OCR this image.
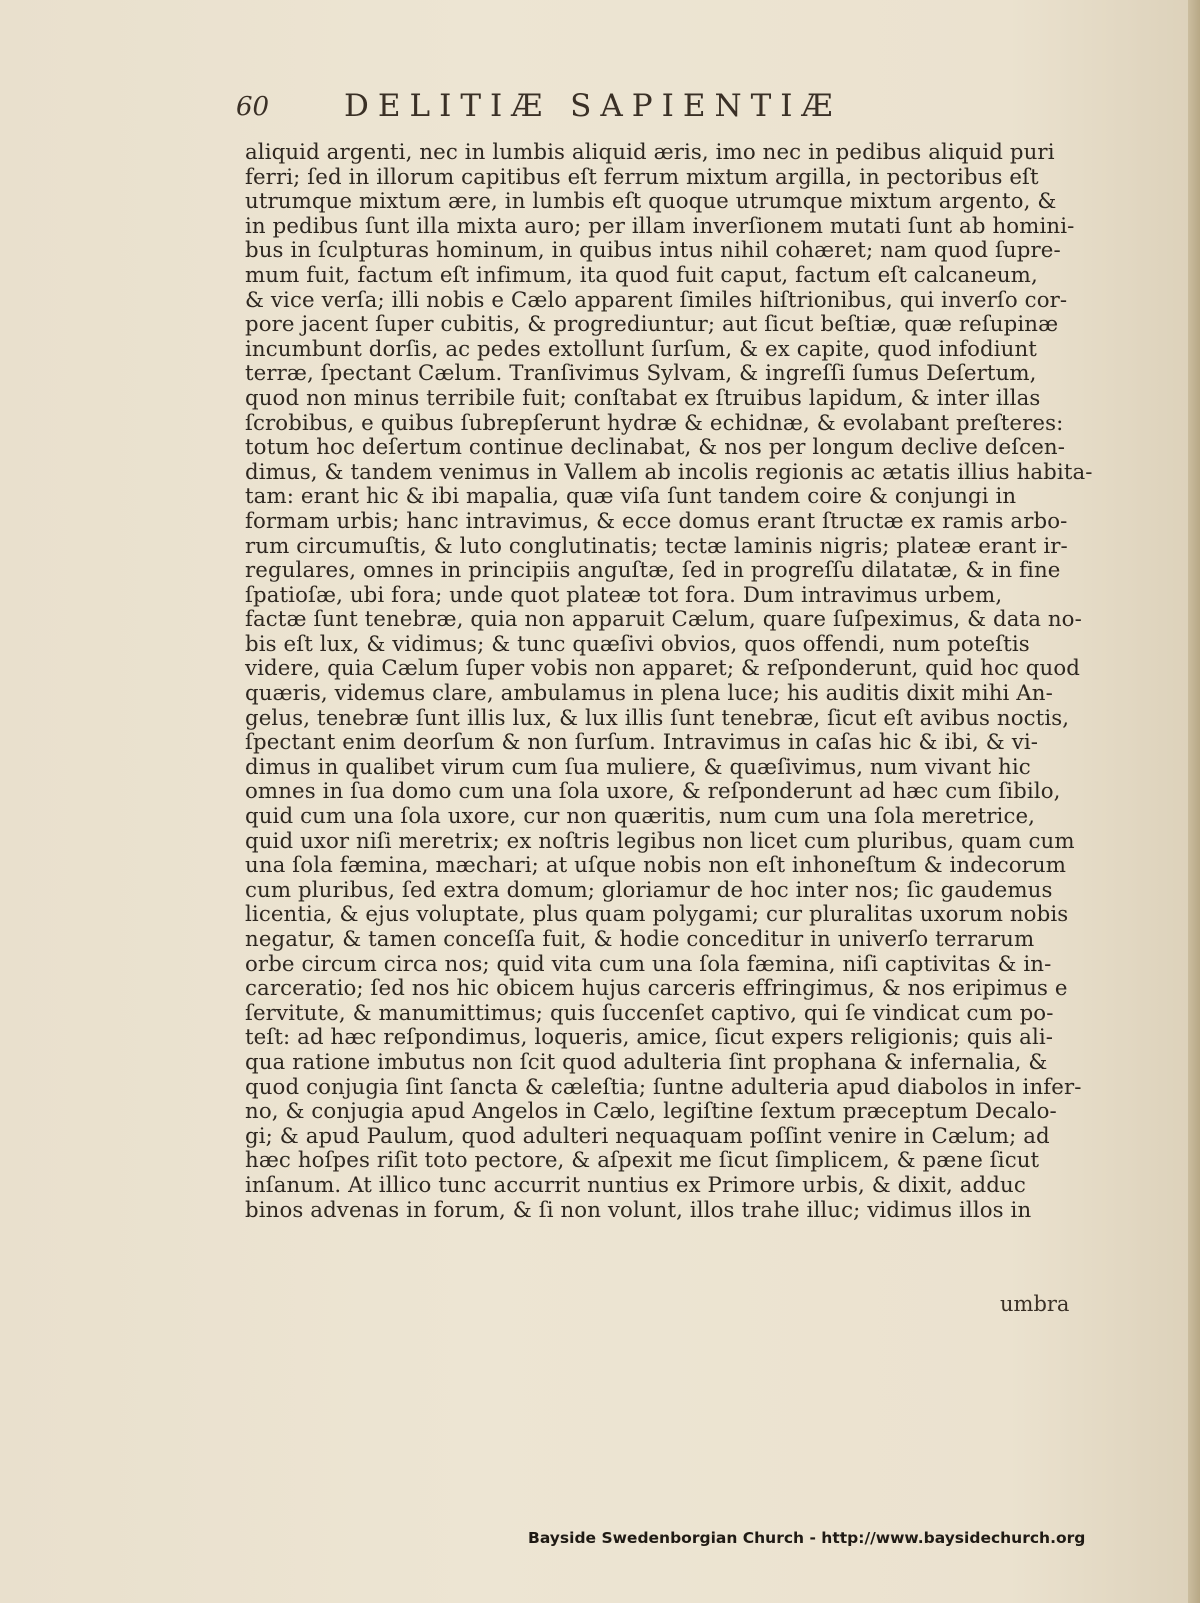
60 DELITIÆ SAPIENTIÆ
aliquid argenti, nec in lumbis aliquid æris, imo nec in pedibus aliquid puri
ferri; ſed in illorum capitibus eſt ferrum mixtum argilla, in pectoribus eſt
utrumque mixtum ære, in lumbis eſt quoque utrumque mixtum argento, &
in pedibus ſunt illa mixta auro; per illam inverſionem mutati ſunt ab homini-
bus in ſculpturas hominum, in quibus intus nihil cohæret; nam quod ſupre-
mum fuit, factum eſt infimum, ita quod fuit caput, factum eſt calcaneum,
& vice verſa; illi nobis e Cælo apparent ſimiles hiſtrionibus, qui inverſo cor-
pore jacent ſuper cubitis, & progrediuntur; aut ſicut beſtiæ, quæ reſupinæ
incumbunt dorſis, ac pedes extollunt ſurſum, & ex capite, quod infodiunt
terræ, ſpectant Cælum. Tranſivimus Sylvam, & ingreſſi ſumus Deſertum,
quod non minus terribile fuit; conſtabat ex ſtruibus lapidum, & inter illas
ſcrobibus, e quibus ſubrepſerunt hydræ & echidnæ, & evolabant preſteres:
totum hoc deſertum continue declinabat, & nos per longum declive deſcen-
dimus, & tandem venimus in Vallem ab incolis regionis ac ætatis illius habita-
tam: erant hic & ibi mapalia, quæ viſa ſunt tandem coire & conjungi in
formam urbis; hanc intravimus, & ecce domus erant ſtructæ ex ramis arbo-
rum circumuſtis, & luto conglutinatis; tectæ laminis nigris; plateæ erant ir-
regulares, omnes in principiis anguſtæ, ſed in progreſſu dilatatæ, & in fine
ſpatioſæ, ubi fora; unde quot plateæ tot fora. Dum intravimus urbem,
factæ ſunt tenebræ, quia non apparuit Cælum, quare ſuſpeximus, & data no-
bis eſt lux, & vidimus; & tunc quæſivi obvios, quos offendi, num poteſtis
videre, quia Cælum ſuper vobis non apparet; & reſponderunt, quid hoc quod
quæris, videmus clare, ambulamus in plena luce; his auditis dixit mihi An-
gelus, tenebræ ſunt illis lux, & lux illis ſunt tenebræ, ſicut eſt avibus noctis,
ſpectant enim deorſum & non ſurſum. Intravimus in caſas hic & ibi, & vi-
dimus in qualibet virum cum ſua muliere, & quæſivimus, num vivant hic
omnes in ſua domo cum una ſola uxore, & reſponderunt ad hæc cum ſibilo,
quid cum una ſola uxore, cur non quæritis, num cum una ſola meretrice,
quid uxor niſi meretrix; ex noſtris legibus non licet cum pluribus, quam cum
una ſola fæmina, mæchari; at uſque nobis non eſt inhoneſtum & indecorum
cum pluribus, ſed extra domum; gloriamur de hoc inter nos; ſic gaudemus
licentia, & ejus voluptate, plus quam polygami; cur pluralitas uxorum nobis
negatur, & tamen conceſſa fuit, & hodie conceditur in univerſo terrarum
orbe circum circa nos; quid vita cum una ſola fæmina, niſi captivitas & in-
carceratio; ſed nos hic obicem hujus carceris effringimus, & nos eripimus e
ſervitute, & manumittimus; quis ſuccenſet captivo, qui ſe vindicat cum po-
teſt: ad hæc reſpondimus, loqueris, amice, ſicut expers religionis; quis ali-
qua ratione imbutus non ſcit quod adulteria ſint prophana & infernalia, &
quod conjugia ſint ſancta & cæleſtia; ſuntne adulteria apud diabolos in infer-
no, & conjugia apud Angelos in Cælo, legiſtine ſextum præceptum Decalo-
gi; & apud Paulum, quod adulteri nequaquam poſſint venire in Cælum; ad
hæc hoſpes riſit toto pectore, & aſpexit me ſicut ſimplicem, & pæne ſicut
inſanum. At illico tunc accurrit nuntius ex Primore urbis, & dixit, adduc
binos advenas in forum, & ſi non volunt, illos trahe illuc; vidimus illos in
umbra
Bayside Swedenborgian Church - http://www.baysidechurch.org
